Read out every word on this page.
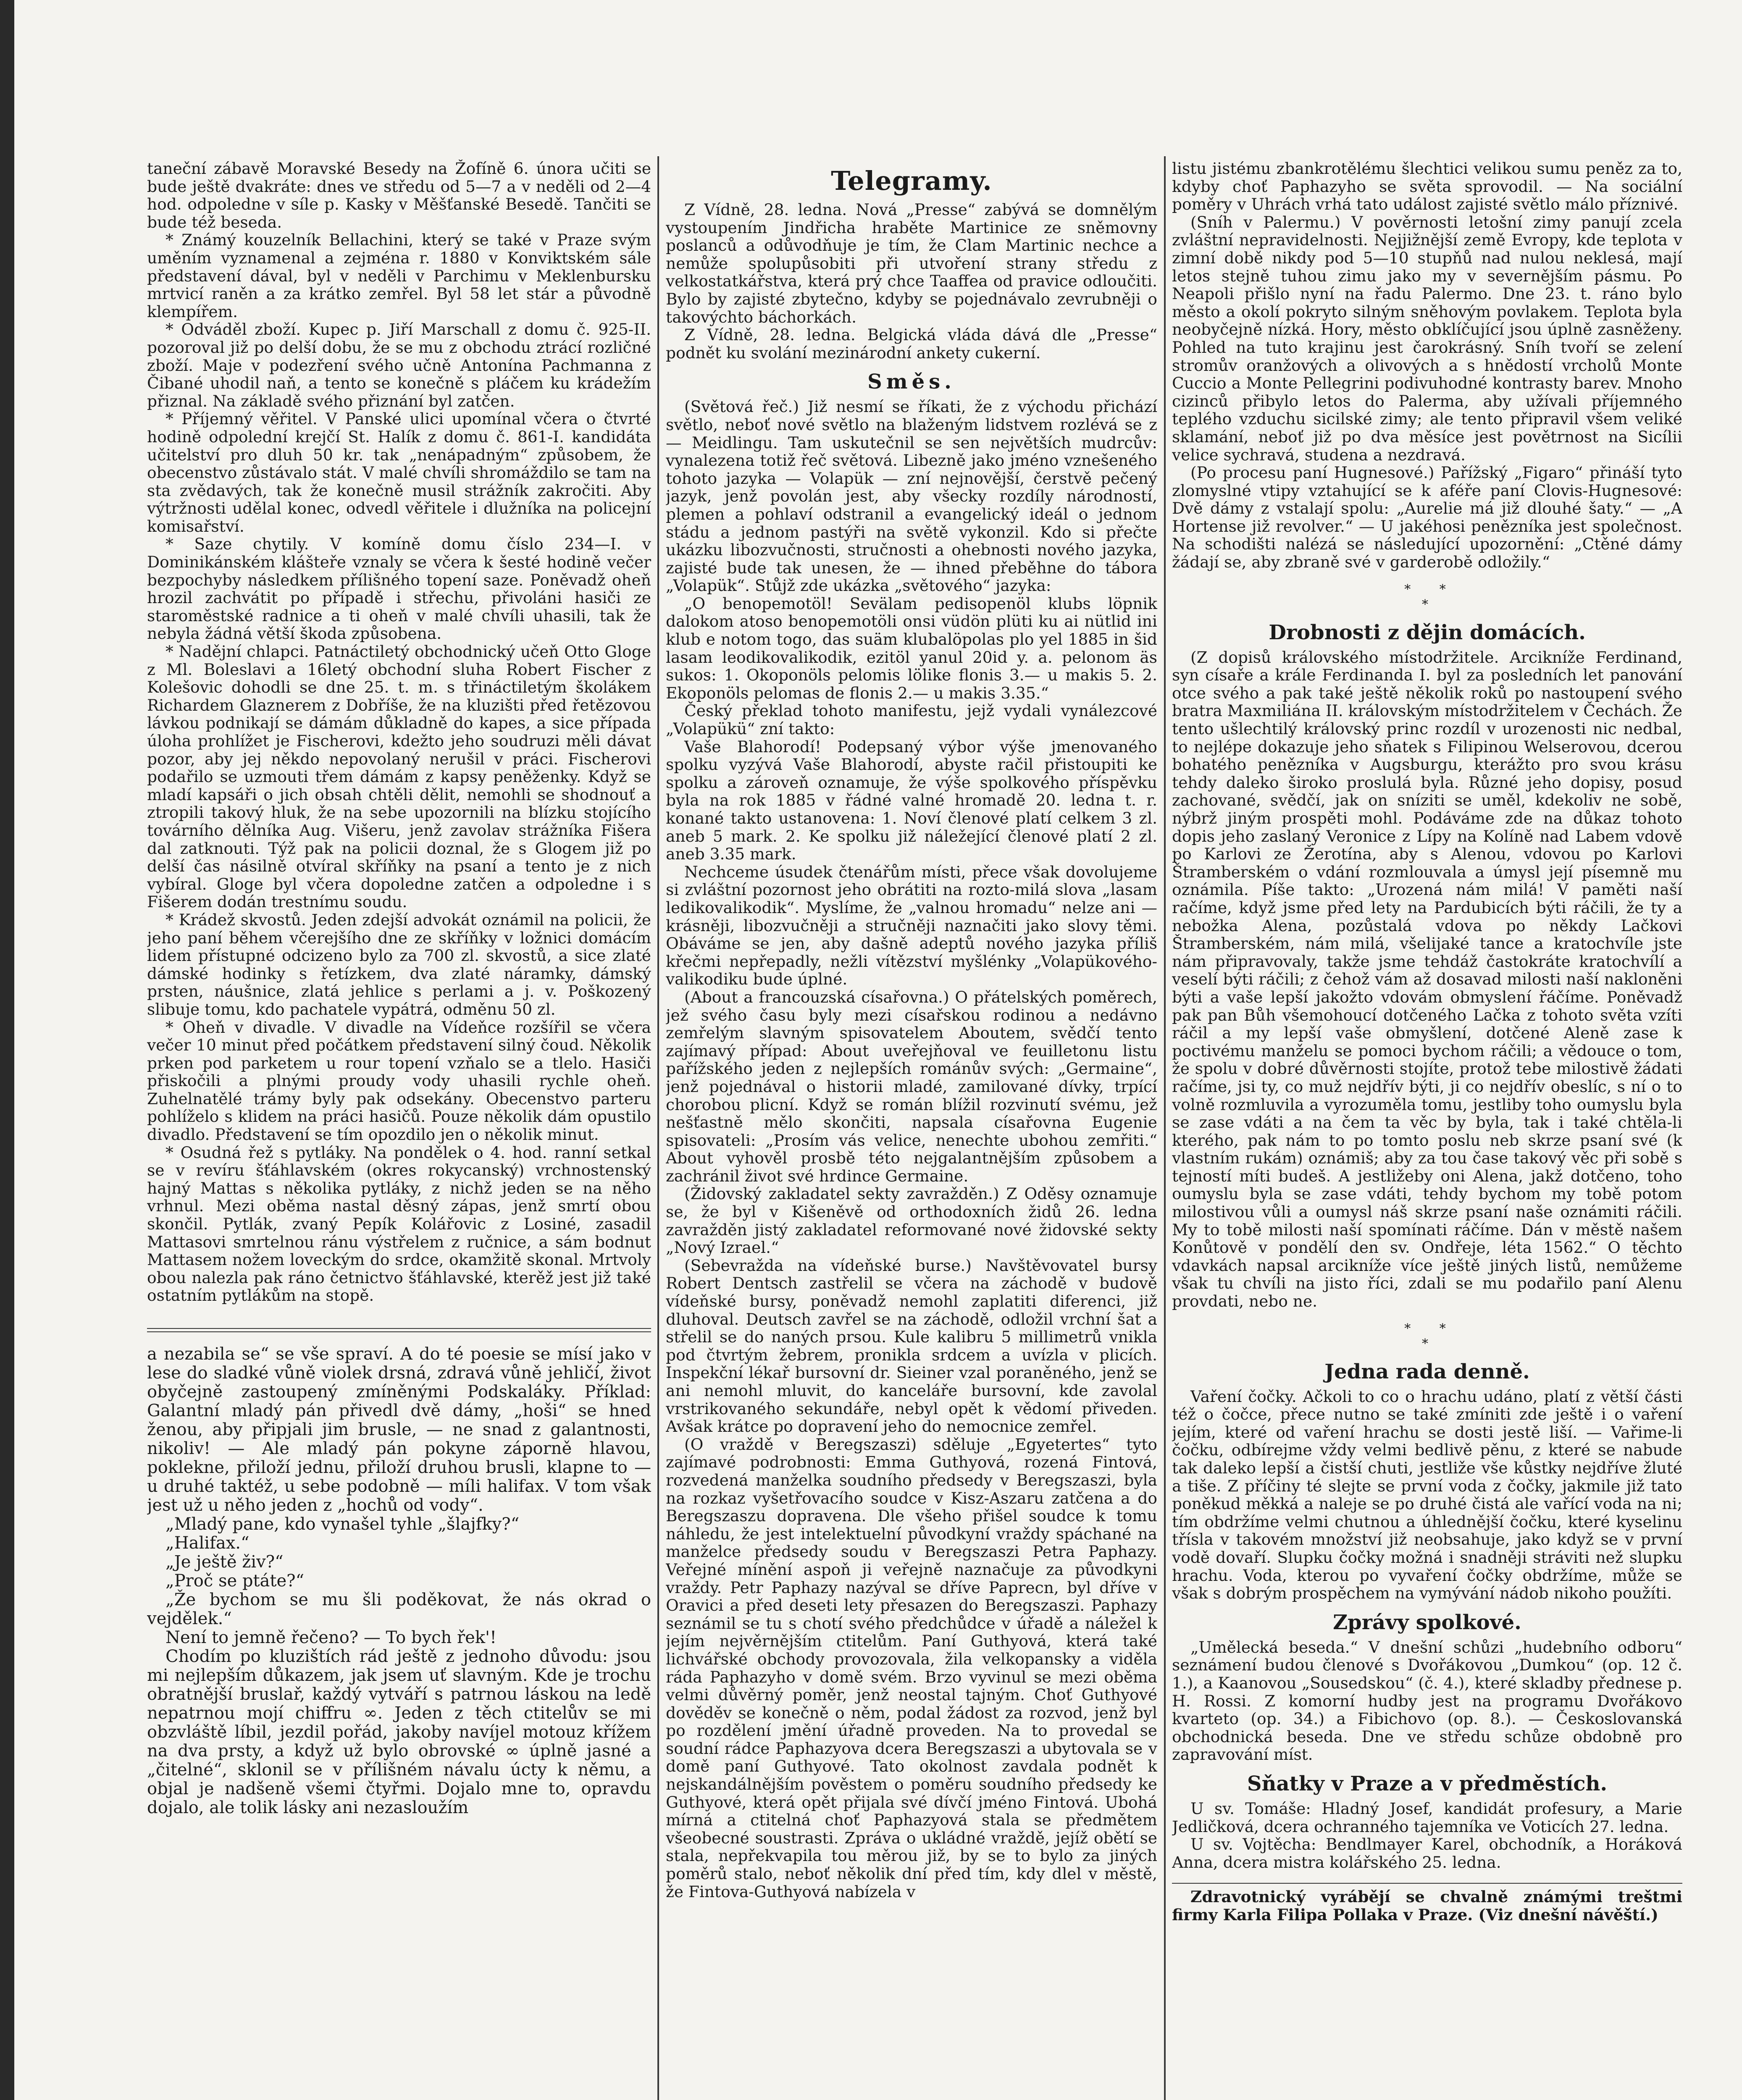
taneční zábavě Moravské Besedy na Žofíně 6. února učiti se bude ještě dvakráte: dnes ve středu od 5—7 a v neděli od 2—4 hod. odpoledne v síle p. Kasky v Měšťanské Besedě. Tančiti se bude též beseda.

* Známý kouzelník Bellachini, který se také v Praze svým uměním vyznamenal a zejména r. 1880 v Konviktském sále představení dával, byl v neděli v Parchimu v Meklenbursku mrtvicí raněn a za krátko zemřel. Byl 58 let stár a původně klempířem.

* Odváděl zboží. Kupec p. Jiří Marschall z domu č. 925-II. pozoroval již po delší dobu, že se mu z obchodu ztrácí rozličné zboží. Maje v podezření svého učně Antonína Pachmanna z Čibané uhodil naň, a tento se konečně s pláčem ku krádežím přiznal. Na základě svého přiznání byl zatčen.

* Příjemný věřitel. V Panské ulici upomínal včera o čtvrté hodině odpolední krejčí St. Halík z domu č. 861-I. kandidáta učitelství pro dluh 50 kr. tak „nenápadným“ způsobem, že obecenstvo zůstávalo stát. V malé chvíli shromáždilo se tam na sta zvědavých, tak že konečně musil strážník zakročiti. Aby výtržnosti udělal konec, odvedl věřitele i dlužníka na policejní komisařství.

* Saze chytily. V komíně domu číslo 234—I. v Dominikánském klášteře vznaly se včera k šesté hodině večer bezpochyby následkem přílišného topení saze. Poněvadž oheň hrozil zachvátit po případě i střechu, přivoláni hasiči ze staroměstské radnice a ti oheň v malé chvíli uhasili, tak že nebyla žádná větší škoda způsobena.

* Nadějní chlapci. Patnáctiletý obchodnický učeň Otto Gloge z Ml. Boleslavi a 16letý obchodní sluha Robert Fischer z Kolešovic dohodli se dne 25. t. m. s třináctiletým školákem Richardem Glaznerem z Dobříše, že na kluzišti před řetězovou lávkou podnikají se dámám důkladně do kapes, a sice případa úloha prohlížet je Fischerovi, kdežto jeho soudruzi měli dávat pozor, aby jej někdo nepovolaný nerušil v práci. Fischerovi podařilo se uzmouti třem dámám z kapsy peněženky. Když se mladí kapsáři o jich obsah chtěli dělit, nemohli se shodnouť a ztropili takový hluk, že na sebe upozornili na blízku stojícího továrního dělníka Aug. Višeru, jenž zavolav strážníka Fišera dal zatknouti. Týž pak na policii doznal, že s Glogem již po delší čas násilně otvíral skříňky na psaní a tento je z nich vybíral. Gloge byl včera dopoledne zatčen a odpoledne i s Fišerem dodán trestnímu soudu.

* Krádež skvostů. Jeden zdejší advokát oznámil na policii, že jeho paní během včerejšího dne ze skříňky v ložnici domácím lidem přístupné odcizeno bylo za 700 zl. skvostů, a sice zlaté dámské hodinky s řetízkem, dva zlaté náramky, dámský prsten, náušnice, zlatá jehlice s perlami a j. v. Poškozený slibuje tomu, kdo pachatele vypátrá, odměnu 50 zl.

* Oheň v divadle. V divadle na Vídeňce rozšířil se včera večer 10 minut před počátkem představení silný čoud. Několik prken pod parketem u rour topení vzňalo se a tlelo. Hasiči přiskočili a plnými proudy vody uhasili rychle oheň. Zuhelnatělé trámy byly pak odsekány. Obecenstvo parteru pohlíželo s klidem na práci hasičů. Pouze několik dám opustilo divadlo. Představení se tím opozdilo jen o několik minut.

* Osudná řež s pytláky. Na pondělek o 4. hod. ranní setkal se v revíru šťáhlavském (okres rokycanský) vrchnostenský hajný Mattas s několika pytláky, z nichž jeden se na něho vrhnul. Mezi oběma nastal děsný zápas, jenž smrtí obou skončil. Pytlák, zvaný Pepík Kolářovic z Losiné, zasadil Mattasovi smrtelnou ránu výstřelem z ručnice, a sám bodnut Mattasem nožem loveckým do srdce, okamžitě skonal. Mrtvoly obou nalezla pak ráno četnictvo šťáhlavské, kterěž jest již také ostatním pytlákům na stopě.

a nezabila se“ se vše spraví. A do té poesie se mísí jako v lese do sladké vůně violek drsná, zdravá vůně jehličí, život obyčejně zastoupený zmíněnými Podskaláky. Příklad: Galantní mladý pán přivedl dvě dámy, „hoši“ se hned ženou, aby připjali jim brusle, — ne snad z galantnosti, nikoliv! — Ale mladý pán pokyne záporně hlavou, poklekne, přiloží jednu, přiloží druhou brusli, klapne to — u druhé taktéž, u sebe podobně — míli halifax. V tom však jest už u něho jeden z „hochů od vody“.

„Mladý pane, kdo vynašel tyhle „šlajfky?“

„Halifax.“

„Je ještě živ?“

„Proč se ptáte?“

„Že bychom se mu šli poděkovat, že nás okrad o vejdělek.“

Není to jemně řečeno? — To bych řek'!

Chodím po kluzištích rád ještě z jednoho důvodu: jsou mi nejlepším důkazem, jak jsem uť slavným. Kde je trochu obratnější bruslař, každý vytváří s patrnou láskou na ledě nepatrnou mojí chiffru ∞. Jeden z těch ctitelův se mi obzvláště líbil, jezdil pořád, jakoby navíjel motouz křížem na dva prsty, a když už bylo obrovské ∞ úplně jasné a „čitelné“, sklonil se v přílišném návalu úcty k němu, a objal je nadšeně všemi čtyřmi. Dojalo mne to, opravdu dojalo, ale tolik lásky ani nezasloužím

Telegramy.

Z Vídně, 28. ledna. Nová „Presse“ zabývá se domnělým vystoupením Jindřicha hraběte Martinice ze sněmovny poslanců a odůvodňuje je tím, že Clam Martinic nechce a nemůže spolupůsobiti při utvoření strany středu z velkostatkářstva, která prý chce Taaffea od pravice odloučiti. Bylo by zajisté zbytečno, kdyby se pojednávalo zevrubněji o takovýchto báchorkách.

Z Vídně, 28. ledna. Belgická vláda dává dle „Presse“ podnět ku svolání mezinárodní ankety cukerní.

Směs.

(Světová řeč.) Již nesmí se říkati, že z východu přichází světlo, neboť nové světlo na blaženým lidstvem rozlévá se z — Meidlingu. Tam uskutečnil se sen největších mudrcův: vynalezena totiž řeč světová. Libezně jako jméno vznešeného tohoto jazyka — Volapük — zní nejnovější, čerstvě pečený jazyk, jenž povolán jest, aby všecky rozdíly národností, plemen a pohlaví odstranil a evangelický ideál o jednom stádu a jednom pastýři na světě vykonzil. Kdo si přečte ukázku libozvučnosti, stručnosti a ohebnosti nového jazyka, zajisté bude tak unesen, že — ihned přeběhne do tábora „Volapük“. Stůjž zde ukázka „světového“ jazyka:

„O benopemotöl! Sevälam pedisopenöl klubs löpnik dalokom atoso benopemotöli onsi vüdön plüti ku ai nütlid ini klub e notom togo, das suäm klubalöpolas plo yel 1885 in šid lasam leodikovalikodik, ezitöl yanul 20id y. a. pelonom äs sukos: 1. Okoponöls pelomis lölike flonis 3.— u makis 5. 2. Ekoponöls pelomas de flonis 2.— u makis 3.35.“

Český překlad tohoto manifestu, jejž vydali vynálezcové „Volapükü“ zní takto:

Vaše Blahorodí! Podepsaný výbor výše jmenovaného spolku vyzývá Vaše Blahorodí, abyste račil přistoupiti ke spolku a zároveň oznamuje, že výše spolkového příspěvku byla na rok 1885 v řádné valné hromadě 20. ledna t. r. konané takto ustanovena: 1. Noví členové platí celkem 3 zl. aneb 5 mark. 2. Ke spolku již náležející členové platí 2 zl. aneb 3.35 mark.

Nechceme úsudek čtenářům místi, přece však dovolujeme si zvláštní pozornost jeho obrátiti na rozto-milá slova „lasam ledikovalikodik“. Myslíme, že „valnou hromadu“ nelze ani — krásněji, libozvučněji a stručněji naznačiti jako slovy těmi. Obáváme se jen, aby dašně adeptů nového jazyka příliš křečmi nepřepadly, nežli vítězství myšlénky „Volapükového-valikodiku bude úplné.

(About a francouzská císařovna.) O přátelských poměrech, jež svého času byly mezi císařskou rodinou a nedávno zemřelým slavným spisovatelem Aboutem, svědčí tento zajímavý případ: About uveřejňoval ve feuilletonu listu pařížského jeden z nejlepších románův svých: „Germaine“, jenž pojednával o historii mladé, zamilované dívky, trpící chorobou plicní. Když se román blížil rozvinutí svému, jež nešťastně mělo skončiti, napsala císařovna Eugenie spisovateli: „Prosím vás velice, nenechte ubohou zemřiti.“ About vyhověl prosbě této nejgalantnějším způsobem a zachránil život své hrdince Germaine.

(Židovský zakladatel sekty zavražděn.) Z Oděsy oznamuje se, že byl v Kišeněvě od orthodoxních židů 26. ledna zavražděn jistý zakladatel reformované nové židovské sekty „Nový Izrael.“

(Sebevražda na vídeňské burse.) Navštěvovatel bursy Robert Dentsch zastřelil se včera na záchodě v budově vídeňské bursy, poněvadž nemohl zaplatiti diferenci, již dluhoval. Deutsch zavřel se na záchodě, odložil vrchní šat a střelil se do naných prsou. Kule kalibru 5 millimetrů vnikla pod čtvrtým žebrem, pronikla srdcem a uvízla v plicích. Inspekční lékař bursovní dr. Sieiner vzal poraněného, jenž se ani nemohl mluvit, do kanceláře bursovní, kde zavolal vrstrikovaného sekundáře, nebyl opět k vědomí přiveden. Avšak krátce po dopravení jeho do nemocnice zemřel.

(O vraždě v Beregszaszi) sděluje „Egyetertes“ tyto zajímavé podrobnosti: Emma Guthyová, rozená Fintová, rozvedená manželka soudního předsedy v Beregszaszi, byla na rozkaz vyšetřovacího soudce v Kisz-Aszaru zatčena a do Beregszaszu dopravena. Dle všeho přišel soudce k tomu náhledu, že jest intelektuelní původkyní vraždy spáchané na manželce předsedy soudu v Beregszaszi Petra Paphazy. Veřejné mínění aspoň ji veřejně naznačuje za původkyni vraždy. Petr Paphazy nazýval se dříve Paprecn, byl dříve v Oravici a před deseti lety přesazen do Beregszaszi. Paphazy seznámil se tu s chotí svého předchůdce v úřadě a náležel k jejím nejvěrnějším ctitelům. Paní Guthyová, která také lichvářské obchody provozovala, žila velkopansky a viděla ráda Paphazyho v domě svém. Brzo vyvinul se mezi oběma velmi důvěrný poměr, jenž neostal tajným. Choť Guthyové dověděv se konečně o něm, podal žádost za rozvod, jenž byl po rozdělení jmění úřadně proveden. Na to provedal se soudní rádce Paphazyova dcera Beregszaszi a ubytovala se v domě paní Guthyové. Tato okolnost zavdala podnět k nejskandálnějším pověstem o poměru soudního předsedy ke Guthyové, která opět přijala své dívčí jméno Fintová. Ubohá mírná a ctitelná choť Paphazyová stala se předmětem všeobecné soustrasti. Zpráva o ukládné vraždě, jejíž obětí se stala, nepřekvapila tou měrou již, by se to bylo za jiných poměrů stalo, neboť několik dní před tím, kdy dlel v městě, že Fintova-Guthyová nabízela v

listu jistému zbankrotělému šlechtici velikou sumu peněz za to, kdyby choť Paphazyho se světa sprovodil. — Na sociální poměry v Uhrách vrhá tato událost zajisté světlo málo příznivé.

(Sníh v Palermu.) V pověrnosti letošní zimy panují zcela zvláštní nepravidelnosti. Nejjižnější země Evropy, kde teplota v zimní době nikdy pod 5—10 stupňů nad nulou neklesá, mají letos stejně tuhou zimu jako my v severnějším pásmu. Po Neapoli přišlo nyní na řadu Palermo. Dne 23. t. ráno bylo město a okolí pokryto silným sněhovým povlakem. Teplota byla neobyčejně nízká. Hory, město obklíčující jsou úplně zasněženy. Pohled na tuto krajinu jest čarokrásný. Sníh tvoří se zelení stromův oranžových a olivových a s hnědostí vrcholů Monte Cuccio a Monte Pellegrini podivuhodné kontrasty barev. Mnoho cizinců přibylo letos do Palerma, aby užívali příjemného teplého vzduchu sicilské zimy; ale tento připravil všem veliké sklamání, neboť již po dva měsíce jest povětrnost na Sicílii velice sychravá, studena a nezdravá.

(Po procesu paní Hugnesové.) Pařížský „Figaro“ přináší tyto zlomyslné vtipy vztahující se k aféře paní Clovis-Hugnesové: Dvě dámy z vstalají spolu: „Aurelie má již dlouhé šaty.“ — „A Hortense již revolver.“ — U jakéhosi penězníka jest společnost. Na schodišti nalézá se následující upozornění: „Ctěné dámy žádají se, aby zbraně své v garderobě odložily.“

*   *
*
Drobnosti z dějin domácích.

(Z dopisů královského místodržitele. Arcikníže Ferdinand, syn císaře a krále Ferdinanda I. byl za posledních let panování otce svého a pak také ještě několik roků po nastoupení svého bratra Maxmiliána II. královským místodržitelem v Čechách. Že tento ušlechtilý královský princ rozdíl v urozenosti nic nedbal, to nejlépe dokazuje jeho sňatek s Filipinou Welserovou, dcerou bohatého penězníka v Augsburgu, kterážto pro svou krásu tehdy daleko široko proslulá byla. Různé jeho dopisy, posud zachované, svědčí, jak on sníziti se uměl, kdekoliv ne sobě, nýbrž jiným prospěti mohl. Podáváme zde na důkaz tohoto dopis jeho zaslaný Veronice z Lípy na Kolíně nad Labem vdově po Karlovi ze Žerotína, aby s Alenou, vdovou po Karlovi Štramberském o vdání rozmlouvala a úmysl její písemně mu oznámila. Píše takto: „Urozená nám milá! V paměti naší račíme, když jsme před lety na Pardubicích býti ráčili, že ty a nebožka Alena, pozůstalá vdova po někdy Lačkovi Štramberském, nám milá, všelijaké tance a kratochvíle jste nám připravovaly, takže jsme tehdáž častokráte kratochvílí a veselí býti ráčili; z čehož vám až dosavad milosti naší nakloněni býti a vaše lepší jakožto vdovám obmyslení řáčíme. Poněvadž pak pan Bůh všemohoucí dotčeného Lačka z tohoto světa vzíti ráčil a my lepší vaše obmyšlení, dotčené Aleně zase k poctivému manželu se pomoci bychom ráčili; a vědouce o tom, že spolu v dobré důvěrnosti stojíte, protož tebe milostivě žádati račíme, jsi ty, co muž nejdřív býti, ji co nejdřív obeslíc, s ní o to volně rozmluvila a vyrozuměla tomu, jestliby toho oumyslu byla se zase vdáti a na čem ta věc by byla, tak i také chtěla-li kterého, pak nám to po tomto poslu neb skrze psaní své (k vlastním rukám) oznámiš; aby za tou čase takový věc při sobě s tejností míti budeš. A jestližeby oni Alena, jakž dotčeno, toho oumyslu byla se zase vdáti, tehdy bychom my tobě potom milostivou vůli a oumysl náš skrze psaní naše oznámiti ráčili. My to tobě milosti naší spomínati ráčíme. Dán v městě našem Konůtově v pondělí den sv. Ondřeje, léta 1562.“ O těchto vdavkách napsal arcikníže více ještě jiných listů, nemůžeme však tu chvíli na jisto říci, zdali se mu podařilo paní Alenu provdati, nebo ne.

*   *
*
Jedna rada denně.

Vaření čočky. Ačkoli to co o hrachu udáno, platí z větší části též o čočce, přece nutno se také zmíniti zde ještě i o vaření jejím, které od vaření hrachu se dosti jestě liší. — Vařime-li čočku, odbírejme vždy velmi bedlivě pěnu, z které se nabude tak daleko lepší a čistší chuti, jestliže vše kůstky nejdříve žluté a tiše. Z příčiny té slejte se první voda z čočky, jakmile již tato poněkud měkká a naleje se po druhé čistá ale vařící voda na ni; tím obdržíme velmi chutnou a úhlednější čočku, které kyselinu třísla v takovém množství již neobsahuje, jako když se v první vodě dovaří. Slupku čočky možná i snadněji stráviti než slupku hrachu. Voda, kterou po vyvaření čočky obdržíme, může se však s dobrým prospěchem na vymývání nádob nikoho použíti.

Zprávy spolkové.

„Umělecká beseda.“ V dnešní schůzi „hudebního odboru“ seznámení budou členové s Dvořákovou „Dumkou“ (op. 12 č. 1.), a Kaanovou „Sousedskou“ (č. 4.), které skladby přednese p. H. Rossi. Z komorní hudby jest na programu Dvořákovo kvarteto (op. 34.) a Fibichovo (op. 8.). — Českoslovanská obchodnická beseda. Dne ve středu schůze obdobně pro zapravování míst.

Sňatky v Praze a v předměstích.

U sv. Tomáše: Hladný Josef, kandidát profesury, a Marie Jedličková, dcera ochranného tajemníka ve Voticích 27. ledna.

U sv. Vojtěcha: Bendlmayer Karel, obchodník, a Horáková Anna, dcera mistra kolářského 25. ledna.

Zdravotnický vyrábějí se chvalně známými treštmi firmy Karla Filipa Pollaka v Praze. (Viz dnešní návěští.)
